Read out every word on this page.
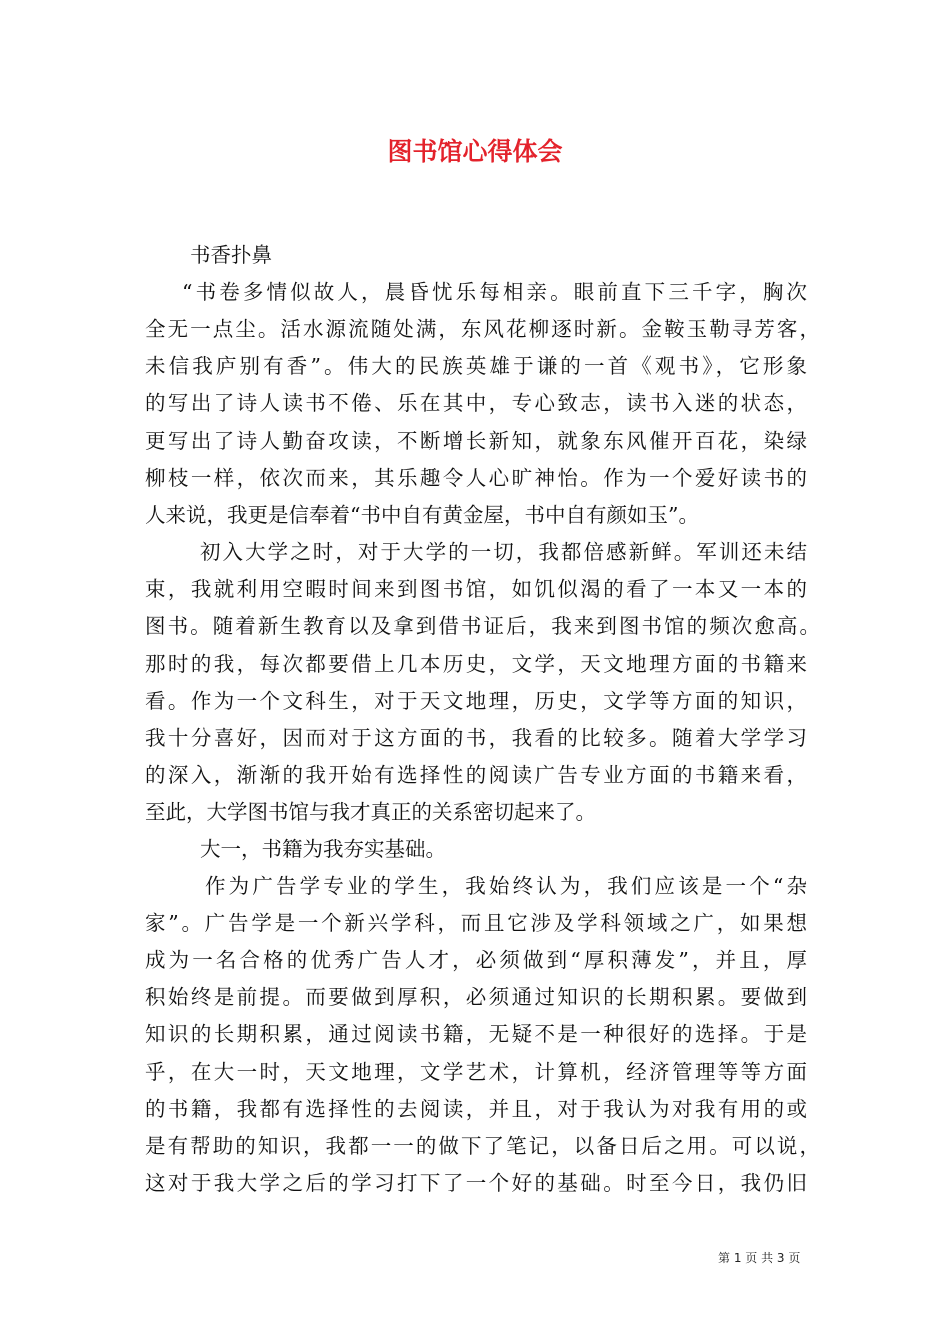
图书馆心得体会
书香扑鼻
“书卷多情似故人，晨昏忧乐每相亲。眼前直下三千字，胸次
全无一点尘。活水源流随处满，东风花柳逐时新。金鞍玉勒寻芳客，
未信我庐别有香”。伟大的民族英雄于谦的一首《观书》，它形象
的写出了诗人读书不倦、乐在其中，专心致志，读书入迷的状态，
更写出了诗人勤奋攻读，不断增长新知，就象东风催开百花，染绿
柳枝一样，依次而来，其乐趣令人心旷神怡。作为一个爱好读书的
人来说，我更是信奉着“书中自有黄金屋，书中自有颜如玉”。
初入大学之时，对于大学的一切，我都倍感新鲜。军训还未结
束，我就利用空暇时间来到图书馆，如饥似渴的看了一本又一本的
图书。随着新生教育以及拿到借书证后，我来到图书馆的频次愈高。
那时的我，每次都要借上几本历史，文学，天文地理方面的书籍来
看。作为一个文科生，对于天文地理，历史，文学等方面的知识，
我十分喜好，因而对于这方面的书，我看的比较多。随着大学学习
的深入，渐渐的我开始有选择性的阅读广告专业方面的书籍来看，
至此，大学图书馆与我才真正的关系密切起来了。
大一，书籍为我夯实基础。
作为广告学专业的学生，我始终认为，我们应该是一个“杂
家”。广告学是一个新兴学科，而且它涉及学科领域之广，如果想
成为一名合格的优秀广告人才，必须做到“厚积薄发”，并且，厚
积始终是前提。而要做到厚积，必须通过知识的长期积累。要做到
知识的长期积累，通过阅读书籍，无疑不是一种很好的选择。于是
乎，在大一时，天文地理，文学艺术，计算机，经济管理等等方面
的书籍，我都有选择性的去阅读，并且，对于我认为对我有用的或
是有帮助的知识，我都一一的做下了笔记，以备日后之用。可以说，
这对于我大学之后的学习打下了一个好的基础。时至今日，我仍旧
第 1 页 共 3 页
